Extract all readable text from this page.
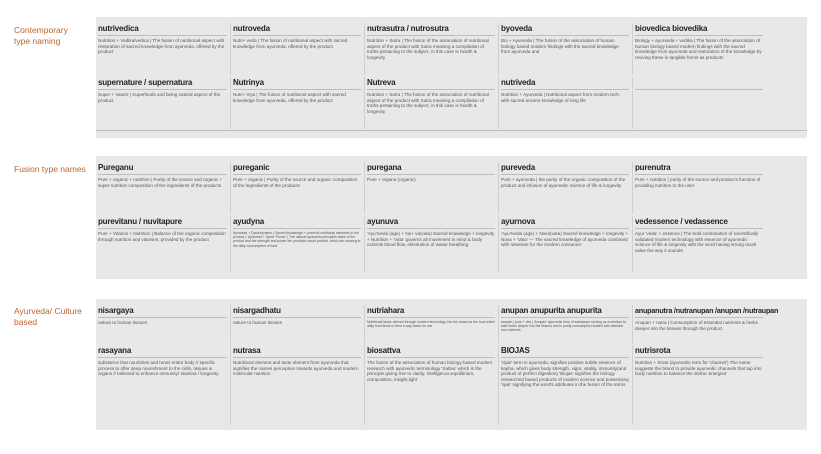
Contemporary type naming
Fusion type names
Ayurveda/ Culture based
nutrivedica
Nutrition + Vedika/vedica | The fusion of nutritional aspect with restoration of sacred knowledge from ayurveda, offered by the product
nutroveda
Nutri+ veda | The fusion of nutritional aspect with sacred knowledge from ayurveda, offered by the product
nutrasutra / nutrosutra
Nutrition + Sutra | The fusion of the association of nutritional aspect of the product with Sutra meaning a compilation of truths pertaining to the subject, in this case is health & longevity
byoveda
Bio + Ayurveda | The fusion of the association of human biology based modern findings with the sacred knowledge from ayurveda and
biovedica biovedika
Biology + ayurveda + vedika | The fusion of the association of human biology based modern findings with the sacred knowledge from ayurveda and restoration of the knowledge by reviving these in tangible forms as products
supernature / supernatura
Super + nature | Superfoods and being natural aspect of the product
Nutrinya
Nutri+ inya | The fusion of nutritional aspect with sacred knowledge from ayurveda, offered by the product
Nutreva
Nutrition + Sutra | The fusion of the association of nutritional aspect of the product with Sutra meaning a compilation of truths pertaining to the subject, in this case is health & longevity
nutriveda
Nutrition + Ayurveda | Nutritional aspect from modern tech. with sacred ancient knowledge of long life
Pureganu
Pure + organic + nutrition | Purity of the source and organic + super nutrition composition of the ingredients of the products
pureganic
Pure + organic | Purity of the source and organic composition of the ingredients of the products
puregana
Pure + organa (organic)
pureveda
Pure + ayurveda | the purity of the organic composition of the product and infusion of ayurvedic science of life & longevity
purenutra
Pure + nutrition | purity of the source and product's function of providing nutrition to the user
purevitanu / nuvitapure
Pure + Vitamin + Nutrition | Balance of the organic composition through nutrition and vitamins, provided by the product
ayudyna
Ayurveda + Dyna/dynamo | Sacred knowledge + powerful nutritional elements in the product | 'Ayurveda + Dyna' 'Power' | The natural ayurvedic principles basis of the product and the strength and power the products would provide, which are missing in the daily consumption of food
ayunuva
'Ayu'rveda (age) + Nu+ va(vata) Sacred knowledge + longevity + Nutrition + 'Vata' governs all movement in mind & body controls blood flow, elimination of waste breathing
ayurnova
'Ayu'rveda (age) + Nova(vata) Sacred knowledge + longevity + Nova + 'Vata' — The sacred knowledge of ayurveda combined with newness for the modern consumer
vedessence / vedassence
Ayur 'veda' + essence | The bold combination of scientifically validated modern technology with essence of ayurvedic science of life & longevity with the word having strong recall value the way it sounds
nisargaya
nature to human tissues
nisargadhatu
nature to human tissues
nutriahara
Nutritional factor derived through modern technology into the ahara as the food which daily food items to feed a way made for use
anupan anupurita anupurita
anupan | pure + vita | 'Anupan' ayurvedic term of substance serving as a medium to take herbs deeper into the tissues and to purify consumption loaded with vitamins and nutrients
anupanutra /nutranupan /anupan /nutraupan
Anupan + nutra | Consumption of essential nutrients & herbs deeper into the tissues through the product
rasayana
substance that nourishes and tones entire body // specific process to offer deep nourishment to the cells, tissues & organs // believed to enhance immunity/ stamina / longevity
nutrasa
Nutritional element and taste element from ayurveda that signifies the names perception towards ayurveda and modern molecular nutrition
biosattva
The fusion of the association of human biology based modern research with ayurvedic terminology 'Sattva' which is the principle giving rise to clarity, intelligence,equilibrium, composition, insight,light
BIOJAS
'Ojas' term in ayurveda, signifies positive subtle essence of kapha, which gives body strength, vigor, vitality, immunity(and product of perfect digestion) 'Biojas' signifies the biology researched based products of modern science and possessing 'ojas' signifying the word's attributes in the fusion of the terms
nutrisrota
Nutrition + Srota (ayurvedic term for 'channel') The name suggests the brand to provide ayurvedic channels that tap into body nutrition to balance the dosha 'energies'
